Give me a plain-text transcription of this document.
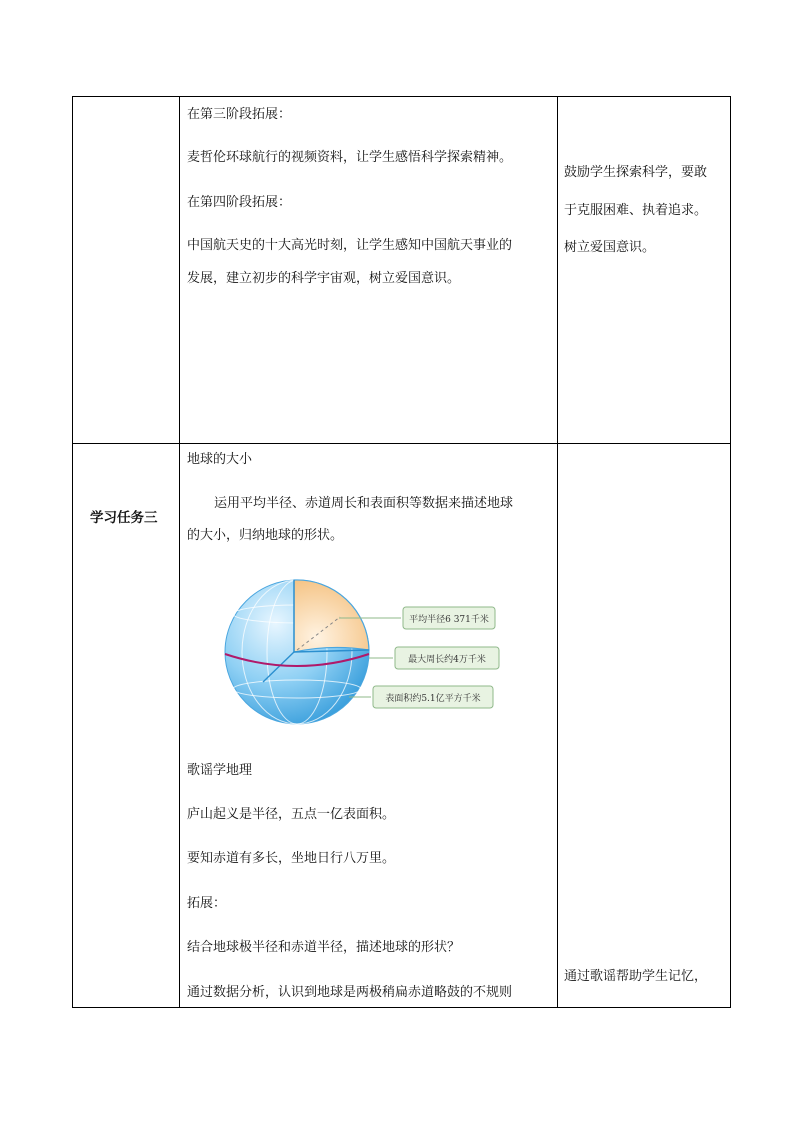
在第三阶段拓展：
麦哲伦环球航行的视频资料，让学生感悟科学探索精神。
在第四阶段拓展：
中国航天史的十大高光时刻，让学生感知中国航天事业的
发展，建立初步的科学宇宙观，树立爱国意识。
鼓励学生探索科学，要敢
于克服困难、执着追求。
树立爱国意识。
学习任务三
地球的大小
运用平均半径、赤道周长和表面积等数据来描述地球
的大小，归纳地球的形状。
平均半径6 371千米
最大周长约4万千米
表面积约5.1亿平方千米
歌谣学地理
庐山起义是半径，五点一亿表面积。
要知赤道有多长，坐地日行八万里。
拓展：
结合地球极半径和赤道半径，描述地球的形状？
通过数据分析，认识到地球是两极稍扁赤道略鼓的不规则
通过歌谣帮助学生记忆，
